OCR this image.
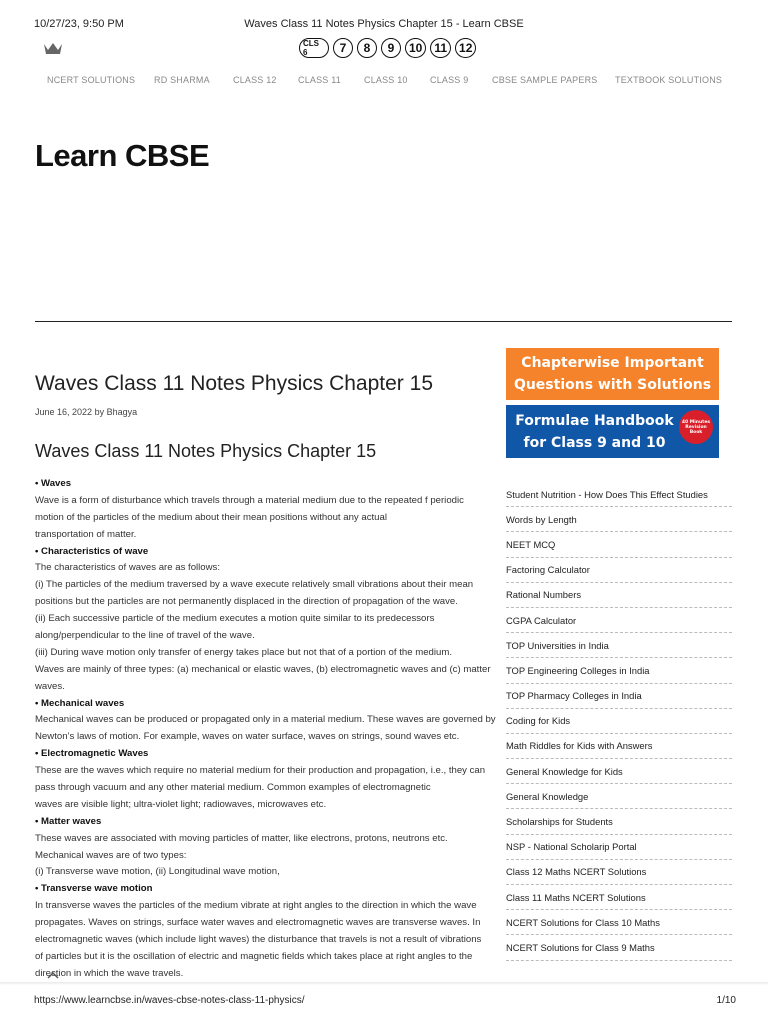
10/27/23, 9:50 PM	Waves Class 11 Notes Physics Chapter 15 - Learn CBSE
CLS 6	7	8	9	10	11	12
NCERT SOLUTIONS RD SHARMA	CLASS 12 CLASS 11	CLASS 10 CLASS 9	CBSE SAMPLE PAPERS TEXTBOOK SOLUTIONS
Learn CBSE
Waves Class 11 Notes Physics Chapter 15
June 16, 2022 by Bhagya
Waves Class 11 Notes Physics Chapter 15
• Waves
Wave is a form of disturbance which travels through a material medium due to the repeated f periodic
motion of the particles of the medium about their mean positions without any actual
transportation of matter.
• Characteristics of wave
The characteristics of waves are as follows:
(i) The particles of the medium traversed by a wave execute relatively small vibrations about their mean
positions but the particles are not permanently displaced in the direction of propagation of the wave.
(ii) Each successive particle of the medium executes a motion quite similar to its predecessors
along/perpendicular to the line of travel of the wave.
(iii) During wave motion only transfer of energy takes place but not that of a portion of the medium.
Waves are mainly of three types: (a) mechanical or elastic waves, (b) electromagnetic waves and (c) matter
waves.
• Mechanical waves
Mechanical waves can be produced or propagated only in a material medium. These waves are governed by
Newton’s laws of motion. For example, waves on water surface, waves on strings, sound waves etc.
• Electromagnetic Waves
These are the waves which require no material medium for their production and propagation, i.e., they can
pass through vacuum and any other material medium. Common examples of electromagnetic
waves are visible light; ultra-violet light; radiowaves, microwaves etc.
• Matter waves
These waves are associated with moving particles of matter, like electrons, protons, neutrons etc.
Mechanical waves are of two types:
(i) Transverse wave motion, (ii) Longitudinal wave motion,
• Transverse wave motion
In transverse waves the particles of the medium vibrate at right angles to the direction in which the wave
propagates. Waves on strings, surface water waves and electromagnetic waves are transverse waves. In
electromagnetic waves (which include light waves) the disturbance that travels is not a result of vibrations
of particles but it is the oscillation of electric and magnetic fields which takes place at right angles to the
direction in which the wave travels.
Chapterwise Important
Questions with Solutions
Formulae Handbook
for Class 9 and 10
40 Minutes Revision Book
Student Nutrition - How Does This Effect Studies
Words by Length
NEET MCQ
Factoring Calculator
Rational Numbers
CGPA Calculator
TOP Universities in India
TOP Engineering Colleges in India
TOP Pharmacy Colleges in India
Coding for Kids
Math Riddles for Kids with Answers
General Knowledge for Kids
General Knowledge
Scholarships for Students
NSP - National Scholarip Portal
Class 12 Maths NCERT Solutions
Class 11 Maths NCERT Solutions
NCERT Solutions for Class 10 Maths
NCERT Solutions for Class 9 Maths
https://www.learncbse.in/waves-cbse-notes-class-11-physics/	1/10
